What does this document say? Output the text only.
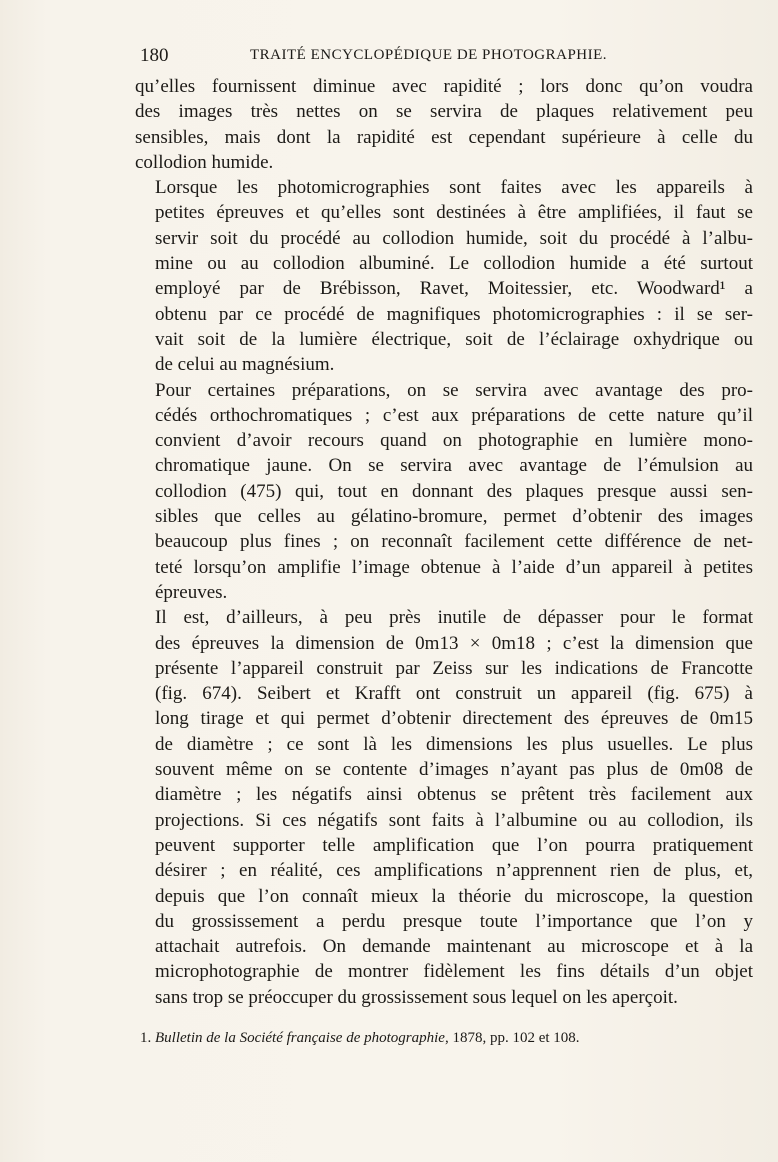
180	TRAITÉ ENCYCLOPÉDIQUE DE PHOTOGRAPHIE.
qu’elles fournissent diminue avec rapidité ; lors donc qu’on voudra
des images très nettes on se servira de plaques relativement peu
sensibles, mais dont la rapidité est cependant supérieure à celle du
collodion humide.
Lorsque les photomicrographies sont faites avec les appareils à
petites épreuves et qu’elles sont destinées à être amplifiées, il faut se
servir soit du procédé au collodion humide, soit du procédé à l’albu-
mine ou au collodion albuminé. Le collodion humide a été surtout
employé par de Brébisson, Ravet, Moitessier, etc. Woodward¹ a
obtenu par ce procédé de magnifiques photomicrographies : il se ser-
vait soit de la lumière électrique, soit de l’éclairage oxhydrique ou
de celui au magnésium.
Pour certaines préparations, on se servira avec avantage des pro-
cédés orthochromatiques ; c’est aux préparations de cette nature qu’il
convient d’avoir recours quand on photographie en lumière mono-
chromatique jaune. On se servira avec avantage de l’émulsion au
collodion (475) qui, tout en donnant des plaques presque aussi sen-
sibles que celles au gélatino-bromure, permet d’obtenir des images
beaucoup plus fines ; on reconnaît facilement cette différence de net-
teté lorsqu’on amplifie l’image obtenue à l’aide d’un appareil à petites
épreuves.
Il est, d’ailleurs, à peu près inutile de dépasser pour le format
des épreuves la dimension de 0m13 × 0m18 ; c’est la dimension que
présente l’appareil construit par Zeiss sur les indications de Francotte
(fig. 674). Seibert et Krafft ont construit un appareil (fig. 675) à
long tirage et qui permet d’obtenir directement des épreuves de 0m15
de diamètre ; ce sont là les dimensions les plus usuelles. Le plus
souvent même on se contente d’images n’ayant pas plus de 0m08 de
diamètre ; les négatifs ainsi obtenus se prêtent très facilement aux
projections. Si ces négatifs sont faits à l’albumine ou au collodion, ils
peuvent supporter telle amplification que l’on pourra pratiquement
désirer ; en réalité, ces amplifications n’apprennent rien de plus, et,
depuis que l’on connaît mieux la théorie du microscope, la question
du grossissement a perdu presque toute l’importance que l’on y
attachait autrefois. On demande maintenant au microscope et à la
microphotographie de montrer fidèlement les fins détails d’un objet
sans trop se préoccuper du grossissement sous lequel on les aperçoit.
1. Bulletin de la Société française de photographie, 1878, pp. 102 et 108.
